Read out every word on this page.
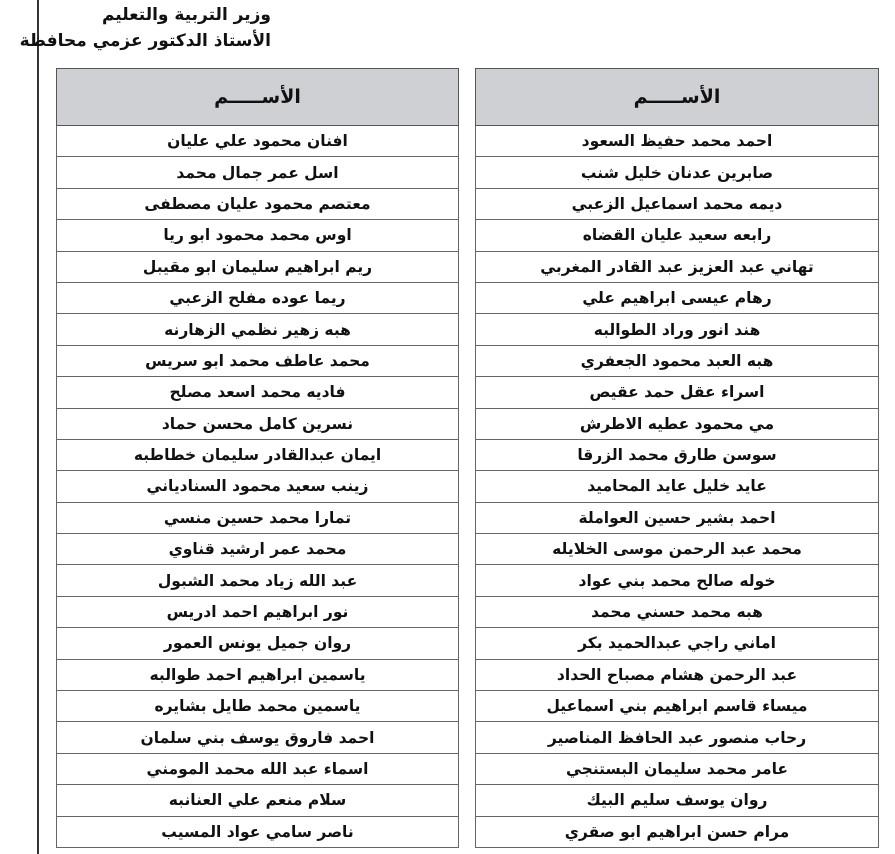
وزير التربية والتعليم
الأستاذ الدكتور عزمي محافظة
الأســـــم
احمد محمد حفيظ السعود
صابرين عدنان خليل شنب
ديمه محمد اسماعيل الزعبي
رابعه سعيد عليان القضاه
تهاني عبد العزيز عبد القادر المغربي
رهام عيسى ابراهيم علي
هند انور وراد الطوالبه
هبه العبد محمود الجعفري
اسراء عقل حمد عقيص
مي محمود عطيه الاطرش
سوسن طارق محمد الزرقا
عايد خليل عايد المحاميد
احمد بشير حسين العواملة
محمد عبد الرحمن موسى الخلايله
خوله صالح محمد بني عواد
هبه محمد حسني محمد
اماني راجي عبدالحميد بكر
عبد الرحمن هشام مصباح الحداد
ميساء قاسم ابراهيم بني اسماعيل
رحاب منصور عبد الحافظ المناصير
عامر محمد سليمان البستنجي
روان يوسف سليم البيك
مرام حسن ابراهيم ابو صقري
الأســـــم
افنان محمود علي عليان
اسل عمر جمال محمد
معتصم محمود عليان مصطفى
اوس محمد محمود ابو ريا
ريم ابراهيم سليمان ابو مقيبل
ريما عوده مفلح الزعبي
هبه زهير نظمي الزهارنه
محمد عاطف محمد ابو سريس
فاديه محمد اسعد مصلح
نسرين كامل محسن حماد
ايمان عبدالقادر سليمان خطاطبه
زينب سعيد محمود السنادياني
تمارا محمد حسين منسي
محمد عمر ارشيد قناوي
عبد الله زياد محمد الشبول
نور ابراهيم احمد ادريس
روان جميل يونس العمور
ياسمين ابراهيم احمد طوالبه
ياسمين محمد طايل بشايره
احمد فاروق يوسف بني سلمان
اسماء عبد الله محمد المومني
سلام منعم علي العنانبه
ناصر سامي عواد المسيب
